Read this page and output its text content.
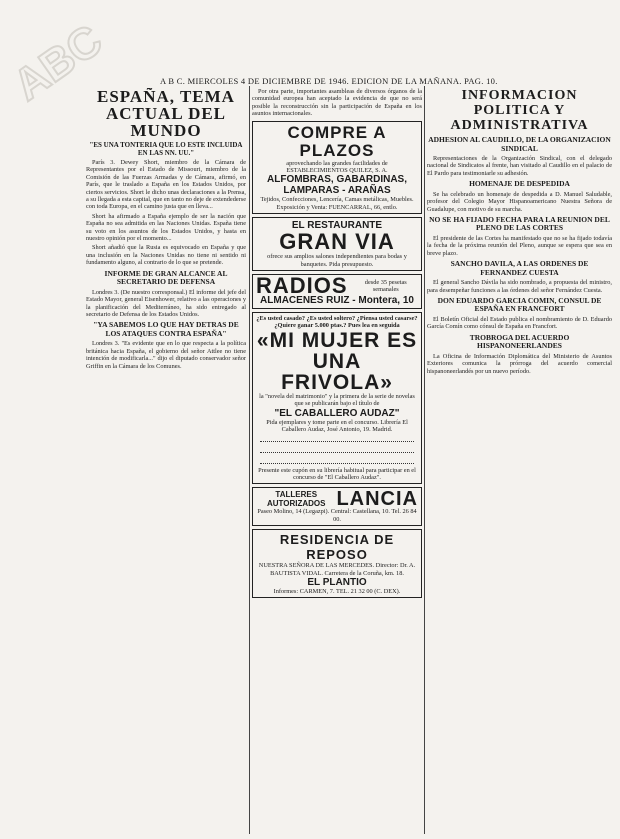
ABC	A B C. MIERCOLES 4 DE DICIEMBRE DE 1946. EDICION DE LA MAÑANA. PAG. 10.
ESPAÑA, TEMA ACTUAL DEL MUNDO
"ES UNA TONTERIA QUE LO ESTE INCLUIDA EN LAS NN. UU."

París 3. Dewey Short, miembro de la Cámara de Representantes por el Estado de Missouri, miembro de la Comisión de las Fuerzas Armadas y de Cámara, afirmó, en París, que le traslado a España en los Estados Unidos, por ciertos servicios. Short le dicho unas declaraciones a la Prensa, a su llegada a esta capital, que en tanto no deje de extendederse con toda Europa, en el camino justa que en lleva...

Short ha afirmado a España ejemplo de ser la nación que España no sea admitida en las Naciones Unidas. España tiene su voto en los asuntos de los Estados Unidos, y hasta en nuestro opinión por el momento...

Short añadió que la Rusia es equivocado en España y que una inclusión en la Naciones Unidas no tiene ni sentido ni fundamento alguno, al contrario de lo que se pretende.

INFORME DE GRAN ALCANCE AL SECRETARIO DE DEFENSA

Londres 3. (De nuestro corresponsal.) El informe del jefe del Estado Mayor, general Eisenhower, relativo a las operaciones y la planificación del Mediterráneo, ha sido entregado al secretario de Defensa de los Estados Unidos.

"YA SABEMOS LO QUE HAY DETRAS DE LOS ATAQUES CONTRA ESPAÑA"

Londres 3. "Es evidente que en lo que respecta a la política británica hacia España, el gobierno del señor Attlee no tiene intención de modificarla..." dijo el diputado conservador señor Griffin en la Cámara de los Comunes.

Por otra parte, importantes asambleas de diversos órganos de la comunidad europea han aceptado la evidencia de que no será posible la reconstrucción sin la participación de España en los asuntos internacionales.

COMPRE A PLAZOS
aprovechando las grandes facilidades de ESTABLECIMIENTOS QUILEZ, S. A.
ALFOMBRAS, GABARDINAS, LAMPARAS - ARAÑAS
Tejidos, Confecciones, Lencería, Camas metálicas, Muebles. Exposición y Venta: FUENCARRAL, 66, entlo.
EL RESTAURANTE
GRAN VIA
ofrece sus amplios salones independientes para bodas y banquetes. Pida presupuesto.
RADIOS	desde 35 pesetas semanales
ALMACENES RUIZ - Montera, 10
¿Es usted casado? ¿Es usted soltero? ¿Piensa usted casarse? ¿Quiere ganar 5.000 ptas.? Pues lea en seguida
«MI MUJER ES UNA FRIVOLA»
la "novela del matrimonio" y la primera de la serie de novelas que se publicarán bajo el título de
"EL CABALLERO AUDAZ"
Pida ejemplares y tome parte en el concurso. Librería El Caballero Audaz, José Antonio, 19. Madrid.
Presente este cupón en su librería habitual para participar en el concurso de "El Caballero Audaz".
TALLERES AUTORIZADOS LANCIA
Paseo Molino, 14 (Legazpi). Central: Castellana, 10. Tel. 26 84 00.
RESIDENCIA DE REPOSO
NUESTRA SEÑORA DE LAS MERCEDES. Director: Dr. A. BAUTISTA VIDAL. Carretera de la Coruña, km. 18.
EL PLANTIO
Informes: CARMEN, 7. TEL. 21 32 00 (C. DEX).
INFORMACION POLITICA Y ADMINISTRATIVA
ADHESION AL CAUDILLO, DE LA ORGANIZACION SINDICAL

Representaciones de la Organización Sindical, con el delegado nacional de Sindicatos al frente, han visitado al Caudillo en el palacio de El Pardo para testimoniarle su adhesión.

HOMENAJE DE DESPEDIDA

Se ha celebrado un homenaje de despedida a D. Manuel Saludable, profesor del Colegio Mayor Hispanoamericano Nuestra Señora de Guadalupe, con motivo de su marcha.

NO SE HA FIJADO FECHA PARA LA REUNION DEL PLENO DE LAS CORTES

El presidente de las Cortes ha manifestado que no se ha fijado todavía la fecha de la próxima reunión del Pleno, aunque se espera que sea en breve plazo.

SANCHO DAVILA, A LAS ORDENES DE FERNANDEZ CUESTA

El general Sancho Dávila ha sido nombrado, a propuesta del ministro, para desempeñar funciones a las órdenes del señor Fernández Cuesta.

DON EDUARDO GARCIA COMIN, CONSUL DE ESPAÑA EN FRANCFORT

El Boletín Oficial del Estado publica el nombramiento de D. Eduardo García Comín como cónsul de España en Francfort.

TROBROGA DEL ACUERDO HISPANONEERLANDES

La Oficina de Información Diplomática del Ministerio de Asuntos Exteriores comunica la prórroga del acuerdo comercial hispanoneerlandés por un nuevo período.
